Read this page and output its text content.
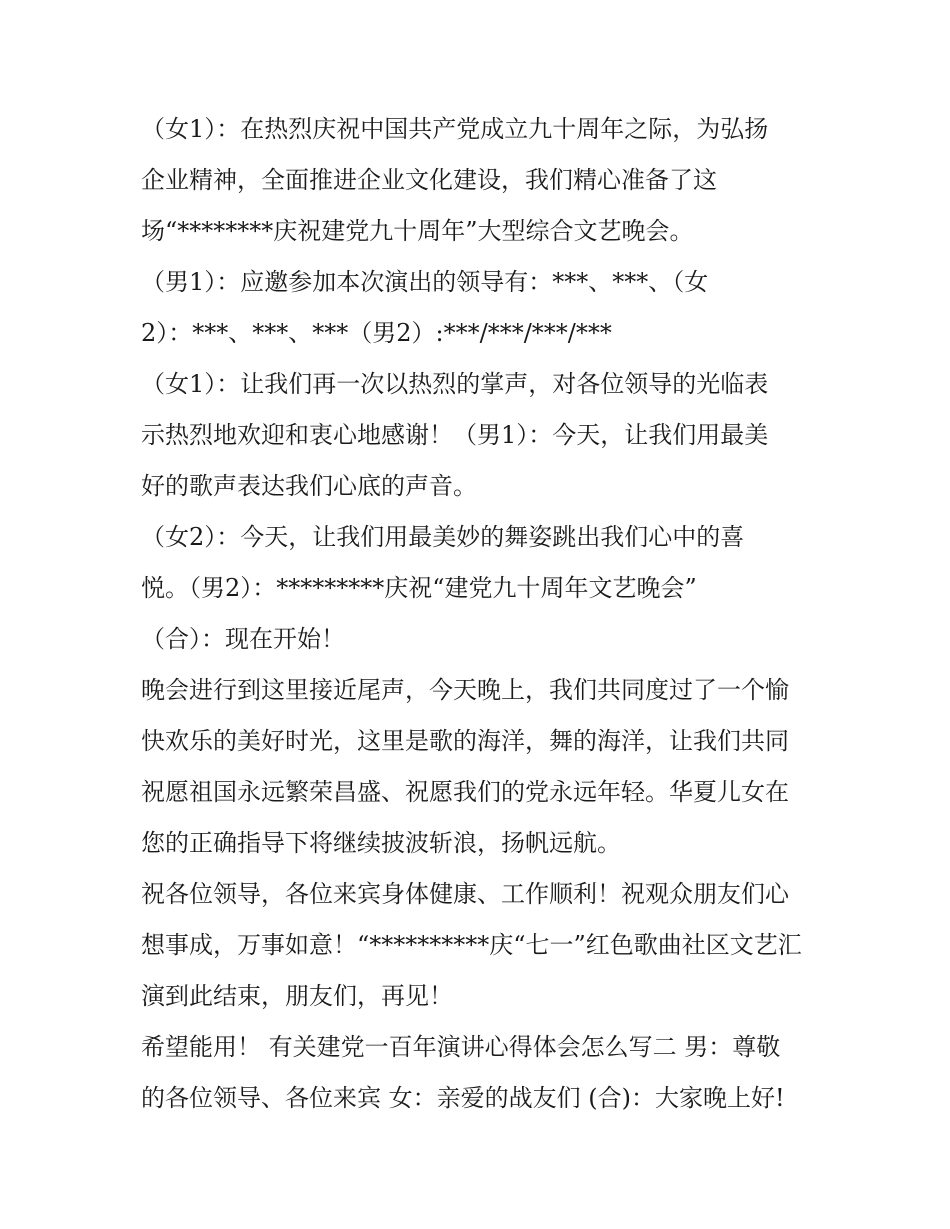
（女1）：在热烈庆祝中国共产党成立九十周年之际，为弘扬
企业精神，全面推进企业文化建设，我们精心准备了这
场“********庆祝建党九十周年”大型综合文艺晚会。
（男1）：应邀参加本次演出的领导有：***、***、（女
2）：***、***、***（男2）:***/***/***/***
（女1）：让我们再一次以热烈的掌声，对各位领导的光临表
示热烈地欢迎和衷心地感谢！（男1）：今天，让我们用最美
好的歌声表达我们心底的声音。
（女2）：今天，让我们用最美妙的舞姿跳出我们心中的喜
悦。（男2）：*********庆祝“建党九十周年文艺晚会”
（合）：现在开始！
晚会进行到这里接近尾声，今天晚上，我们共同度过了一个愉
快欢乐的美好时光，这里是歌的海洋，舞的海洋，让我们共同
祝愿祖国永远繁荣昌盛、祝愿我们的党永远年轻。华夏儿女在
您的正确指导下将继续披波斩浪，扬帆远航。
祝各位领导，各位来宾身体健康、工作顺利！祝观众朋友们心
想事成，万事如意！“**********庆“七一”红色歌曲社区文艺汇
演到此结束，朋友们，再见！
希望能用！ 有关建党一百年演讲心得体会怎么写二 男：尊敬
的各位领导、各位来宾 女：亲爱的战友们 (合)：大家晚上好!
